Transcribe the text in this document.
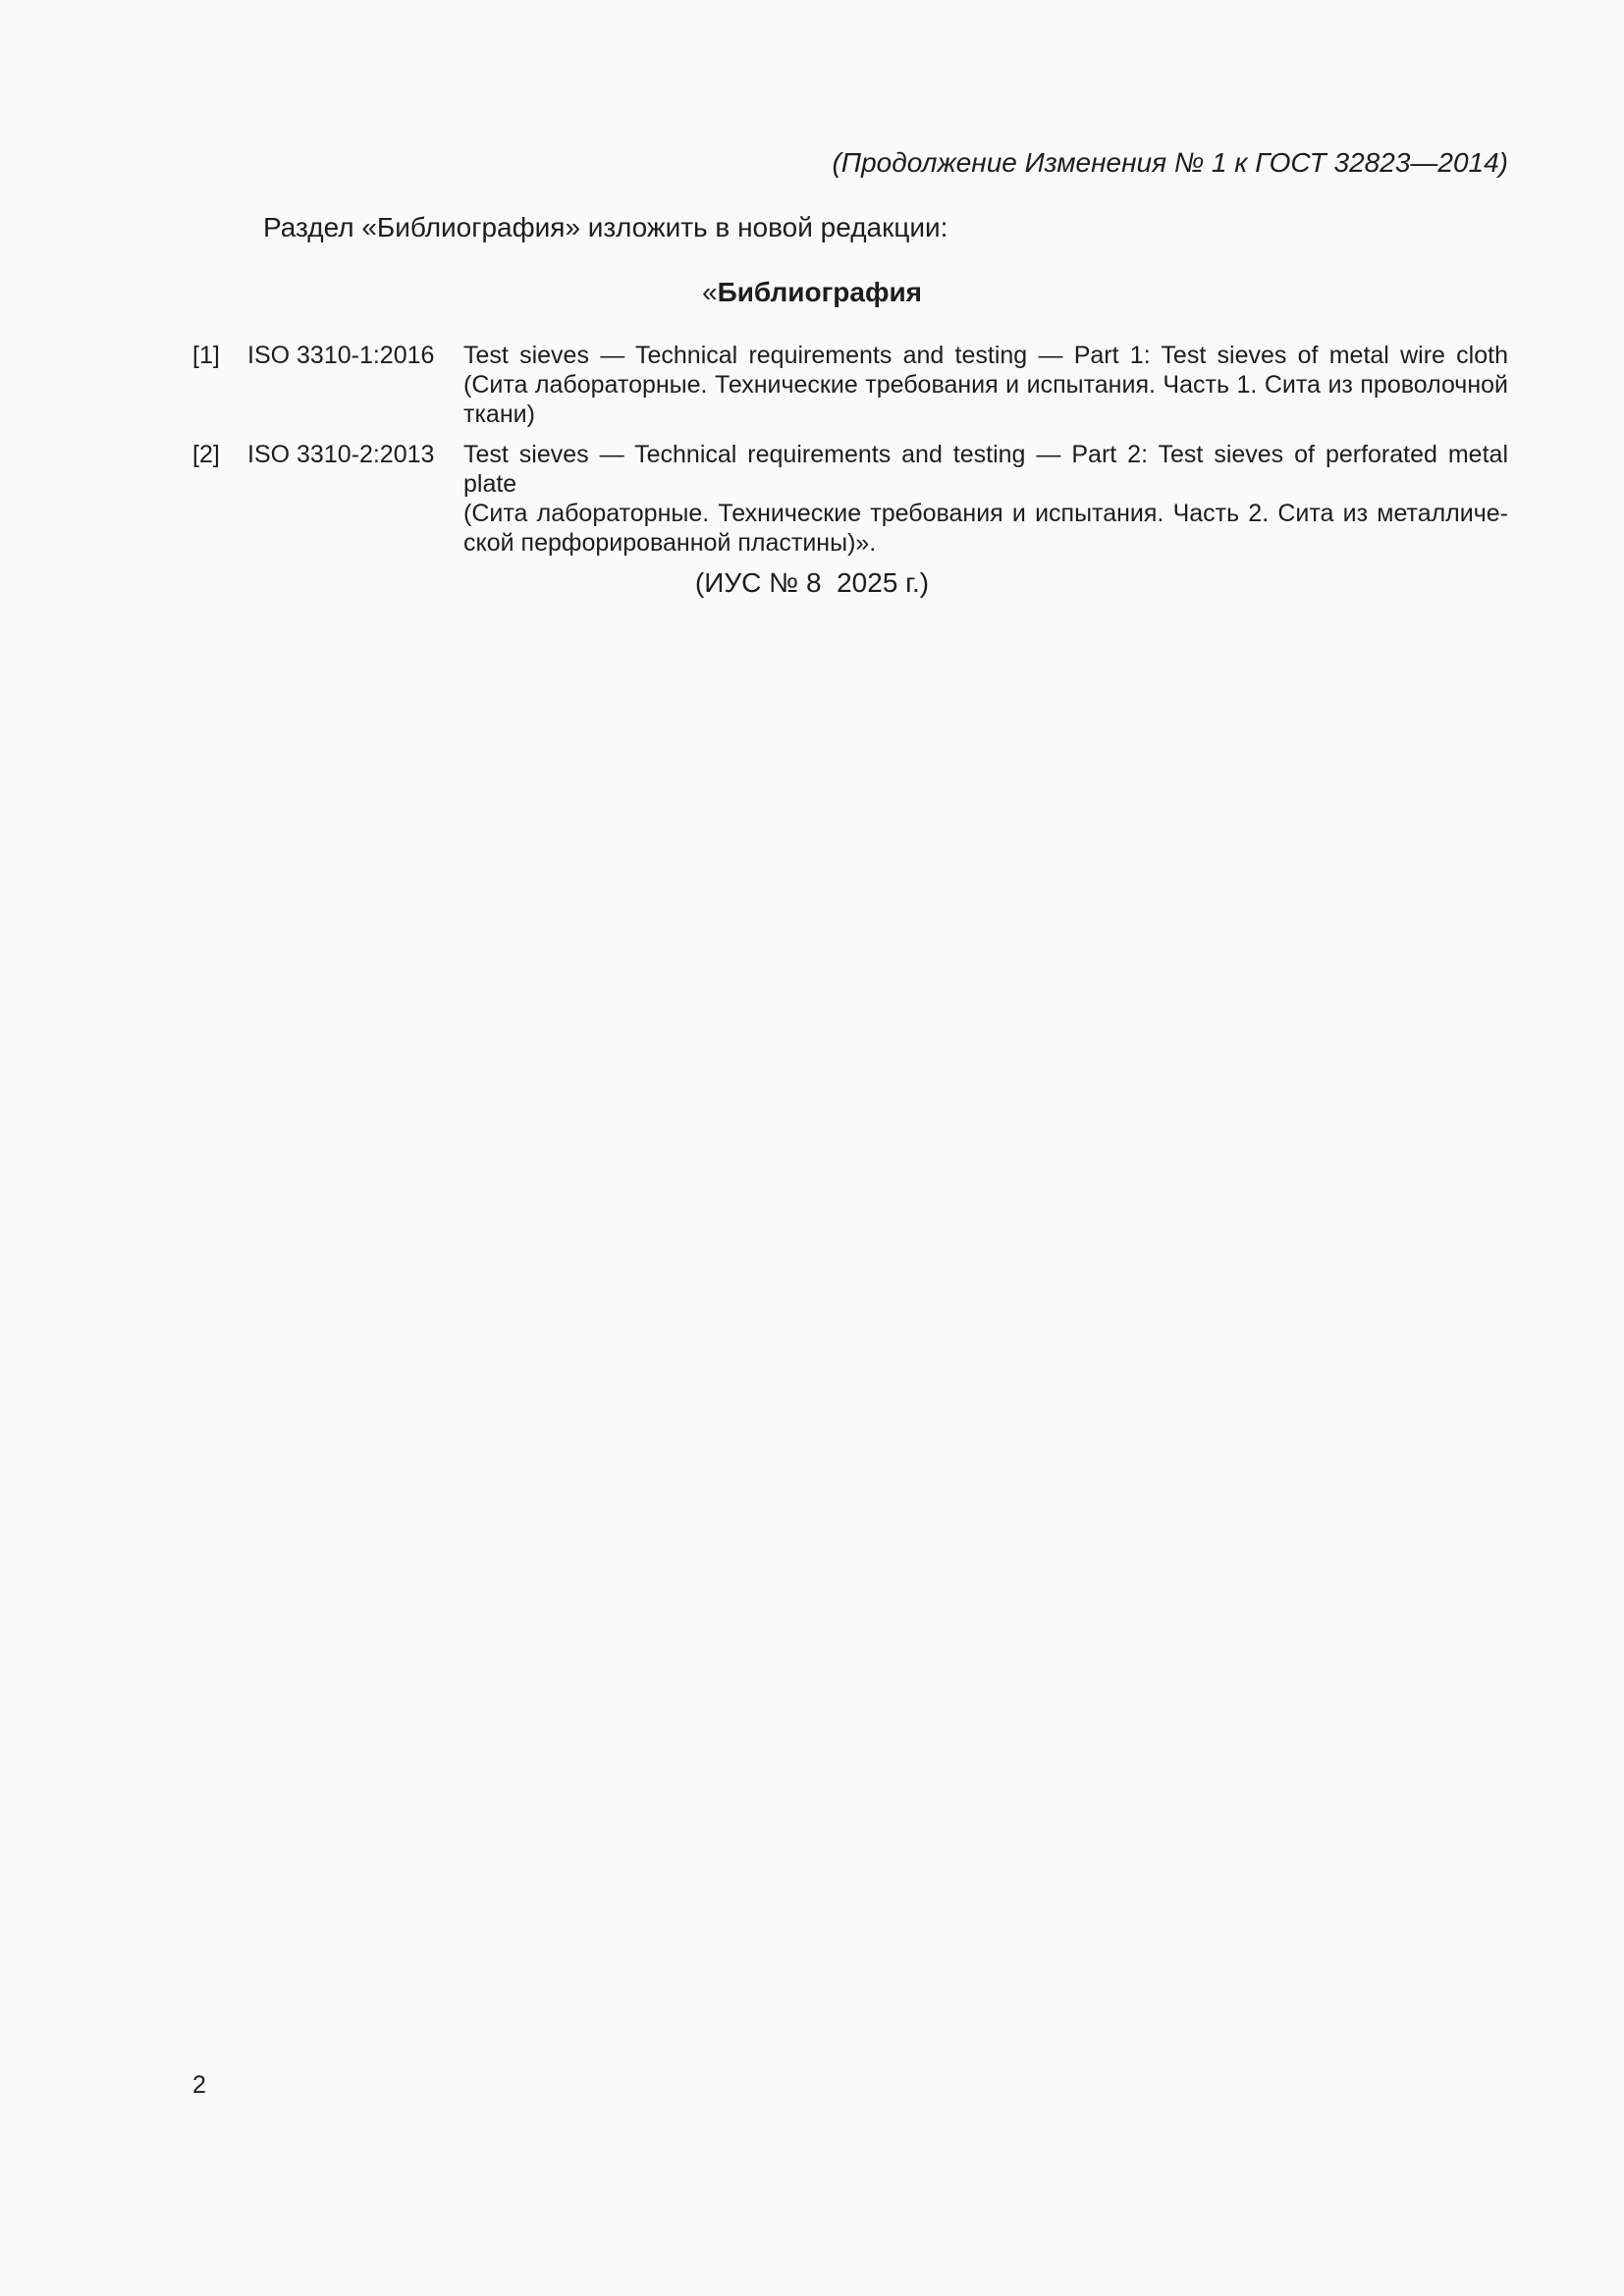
(Продолжение Изменения № 1 к ГОСТ 32823—2014)
Раздел «Библиография» изложить в новой редакции:
«Библиография
[1] ISO 3310-1:2016 Test sieves — Technical requirements and testing — Part 1: Test sieves of metal wire cloth
(Сита лабораторные. Технические требования и испытания. Часть 1. Сита из проволочной
ткани)
[2] ISO 3310-2:2013 Test sieves — Technical requirements and testing — Part 2: Test sieves of perforated metal plate
(Сита лабораторные. Технические требования и испытания. Часть 2. Сита из металличе-
ской перфорированной пластины)».
(ИУС № 8  2025 г.)
2
